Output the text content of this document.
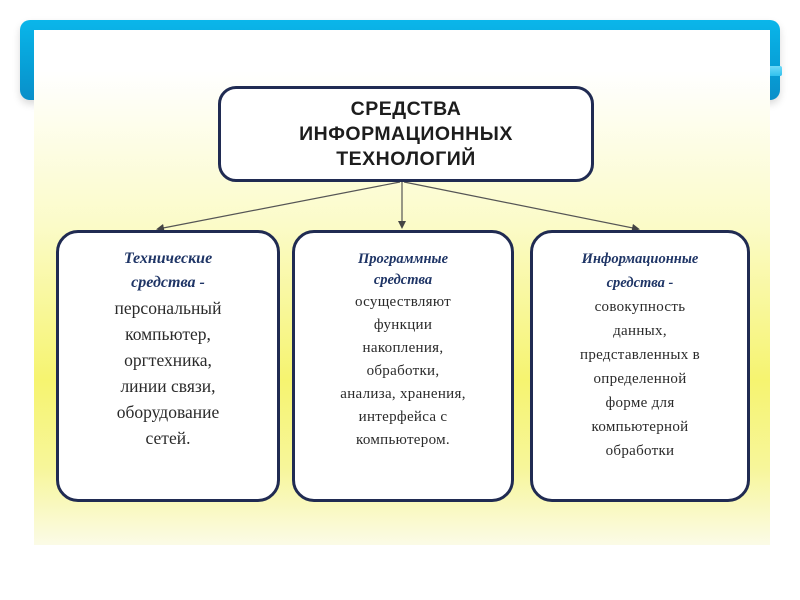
СРЕДСТВА
ИНФОРМАЦИОННЫХ
ТЕХНОЛОГИЙ
Технические
средства -
персональный
компьютер,
оргтехника,
линии связи,
оборудование
сетей.
Программные
средства
осуществляют
функции
накопления,
обработки,
анализа, хранения,
интерфейса с
компьютером.
Информационные
средства -
совокупность
данных,
представленных в
определенной
форме для
компьютерной
обработки
